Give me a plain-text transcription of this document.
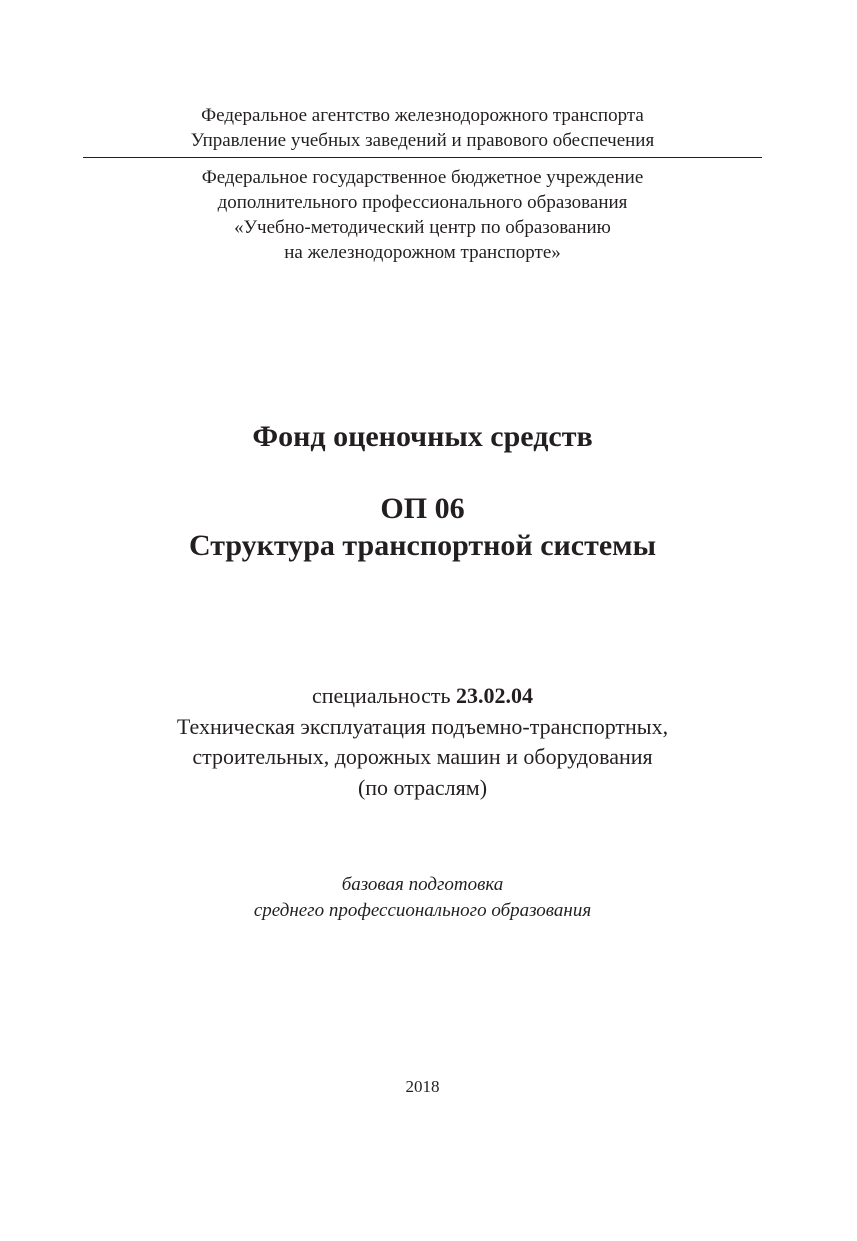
Федеральное агентство железнодорожного транспорта
Управление учебных заведений и правового обеспечения
Федеральное государственное бюджетное учреждение
дополнительного профессионального образования
«Учебно-методический центр по образованию
на железнодорожном транспорте»
Фонд оценочных средств
ОП 06
Структура транспортной системы
специальность 23.02.04
Техническая эксплуатация подъемно-транспортных,
строительных, дорожных машин и оборудования
(по отраслям)
базовая подготовка
среднего профессионального образования
2018
